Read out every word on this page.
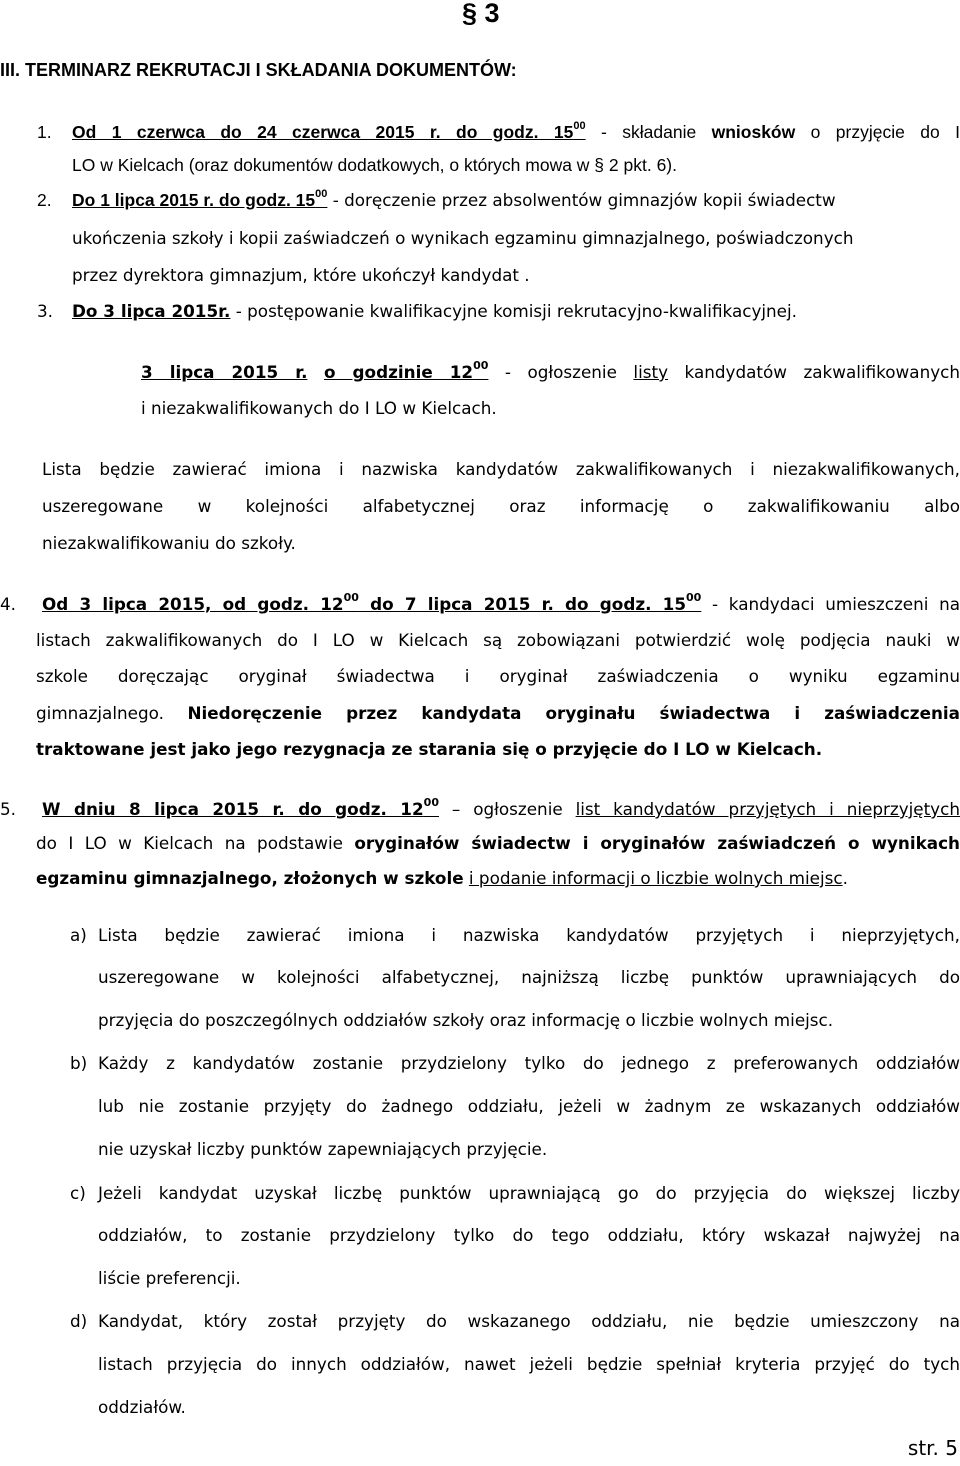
§ 3
III. TERMINARZ REKRUTACJI I SKŁADANIA DOKUMENTÓW:
1. Od 1 czerwca do 24 czerwca 2015 r. do godz. $15^{00}$ - składanie wniosków o przyjęcie do I
LO w Kielcach (oraz dokumentów dodatkowych, o których mowa w § 2 pkt. 6).
2. Do 1 lipca 2015 r. do godz. $15^{00}$ - doręczenie przez absolwentów gimnazjów kopii świadectw
ukończenia szkoły i kopii zaświadczeń o wynikach egzaminu gimnazjalnego, poświadczonych
przez dyrektora gimnazjum, które ukończył kandydat .
3. Do 3 lipca 2015r. - postępowanie kwalifikacyjne komisji rekrutacyjno-kwalifikacyjnej.
3 lipca 2015 r. o godzinie $12^{00}$ - ogłoszenie listy kandydatów zakwalifikowanych
i niezakwalifikowanych do I LO w Kielcach.
Lista będzie zawierać imiona i nazwiska kandydatów zakwalifikowanych i niezakwalifikowanych,
uszeregowane w kolejności alfabetycznej oraz informację o zakwalifikowaniu albo
niezakwalifikowaniu do szkoły.
4. Od 3 lipca 2015, od godz. $12^{00}$ do 7 lipca 2015 r. do godz. $15^{00}$ - kandydaci umieszczeni na
listach zakwalifikowanych do I LO w Kielcach są zobowiązani potwierdzić wolę podjęcia nauki w
szkole doręczając oryginał świadectwa i oryginał zaświadczenia o wyniku egzaminu
gimnazjalnego. Niedoręczenie przez kandydata oryginału świadectwa i zaświadczenia
traktowane jest jako jego rezygnacja ze starania się o przyjęcie do I LO w Kielcach.
5. W dniu 8 lipca 2015 r. do godz. $12^{00}$ – ogłoszenie list kandydatów przyjętych i nieprzyjętych
do I LO w Kielcach na podstawie oryginałów świadectw i oryginałów zaświadczeń o wynikach
egzaminu gimnazjalnego, złożonych w szkole i podanie informacji o liczbie wolnych miejsc.
a) Lista będzie zawierać imiona i nazwiska kandydatów przyjętych i nieprzyjętych,
uszeregowane w kolejności alfabetycznej, najniższą liczbę punktów uprawniających do
przyjęcia do poszczególnych oddziałów szkoły oraz informację o liczbie wolnych miejsc.
b) Każdy z kandydatów zostanie przydzielony tylko do jednego z preferowanych oddziałów
lub nie zostanie przyjęty do żadnego oddziału, jeżeli w żadnym ze wskazanych oddziałów
nie uzyskał liczby punktów zapewniających przyjęcie.
c) Jeżeli kandydat uzyskał liczbę punktów uprawniającą go do przyjęcia do większej liczby
oddziałów, to zostanie przydzielony tylko do tego oddziału, który wskazał najwyżej na
liście preferencji.
d) Kandydat, który został przyjęty do wskazanego oddziału, nie będzie umieszczony na
listach przyjęcia do innych oddziałów, nawet jeżeli będzie spełniał kryteria przyjęć do tych
oddziałów.
str. 5
